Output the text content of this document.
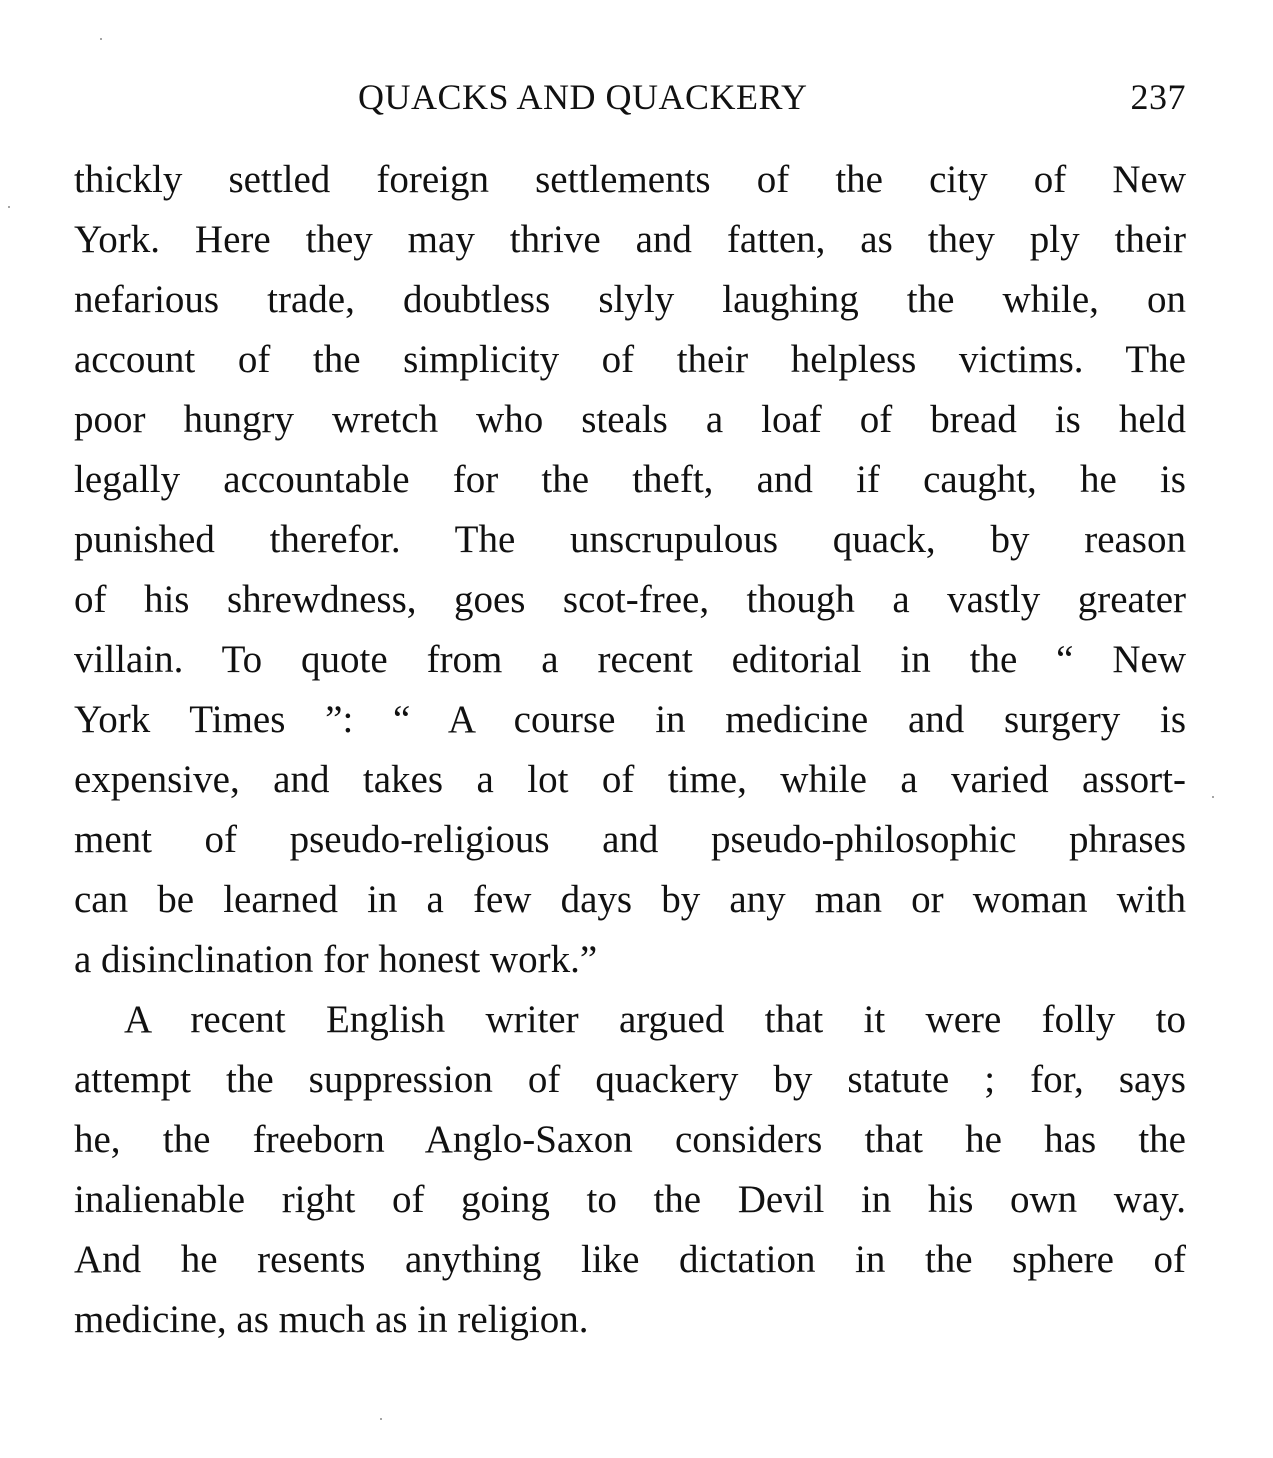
QUACKS AND QUACKERY	237
thickly settled foreign settlements of the city of New
York. Here they may thrive and fatten, as they ply their
nefarious trade, doubtless slyly laughing the while, on
account of the simplicity of their helpless victims. The
poor hungry wretch who steals a loaf of bread is held
legally accountable for the theft, and if caught, he is
punished therefor. The unscrupulous quack, by reason
of his shrewdness, goes scot-free, though a vastly greater
villain. To quote from a recent editorial in the “ New
York Times ”: “ A course in medicine and surgery is
expensive, and takes a lot of time, while a varied assort-
ment of pseudo-religious and pseudo-philosophic phrases
can be learned in a few days by any man or woman with
a disinclination for honest work.”
A recent English writer argued that it were folly to
attempt the suppression of quackery by statute ; for, says
he, the freeborn Anglo-Saxon considers that he has the
inalienable right of going to the Devil in his own way.
And he resents anything like dictation in the sphere of
medicine, as much as in religion.
